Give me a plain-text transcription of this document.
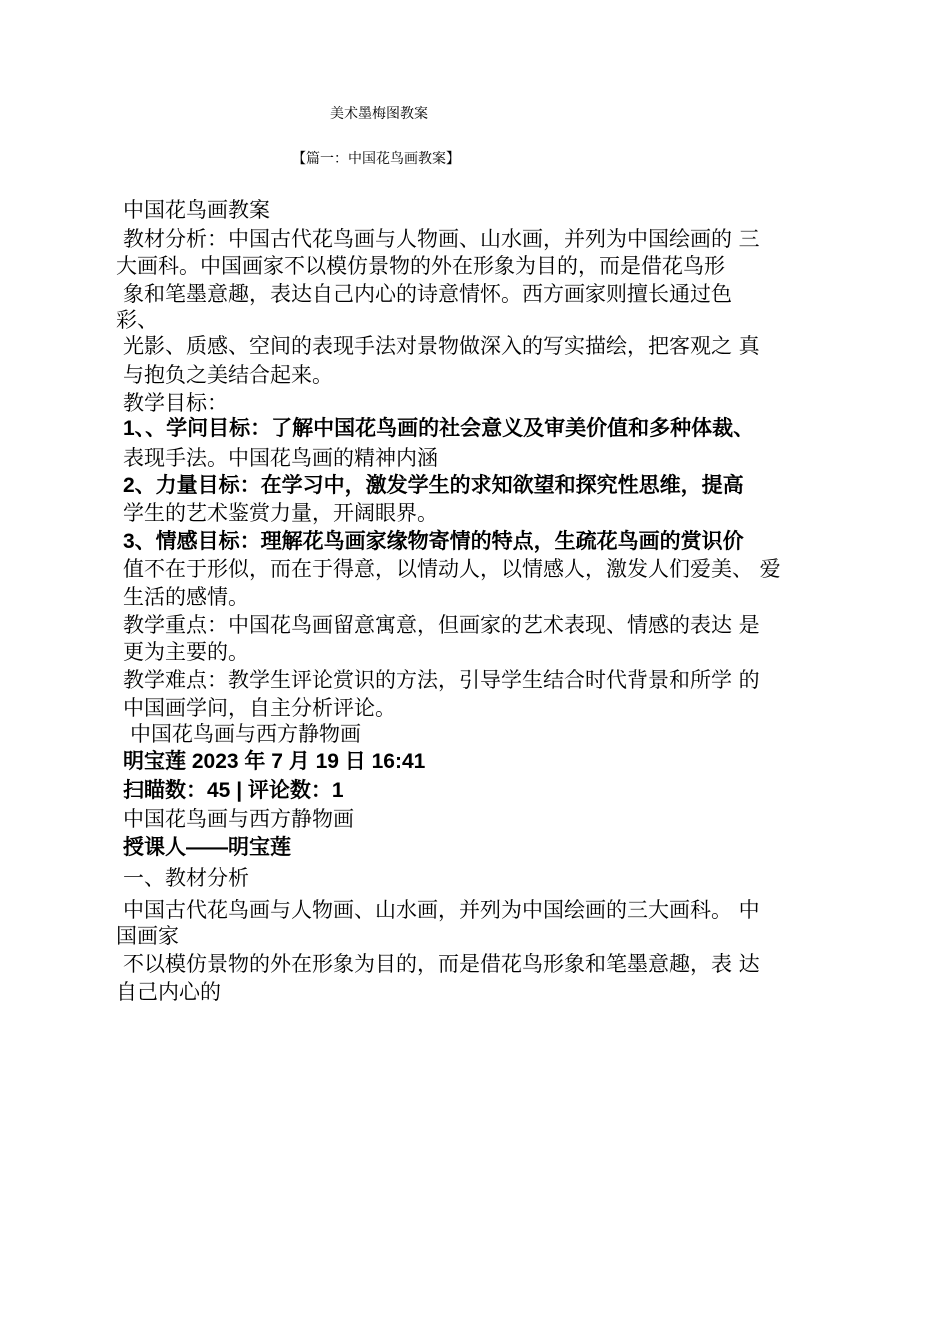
美术墨梅图教案
【篇一：中国花鸟画教案】
中国花鸟画教案
教材分析：中国古代花鸟画与人物画、山水画，并列为中国绘画的 三
大画科。中国画家不以模仿景物的外在形象为目的，而是借花鸟形
象和笔墨意趣，表达自己内心的诗意情怀。西方画家则擅长通过色
彩、
光影、质感、空间的表现手法对景物做深入的写实描绘，把客观之 真
与抱负之美结合起来。
教学目标：
1、、学问目标：了解中国花鸟画的社会意义及审美价值和多种体裁、
表现手法。中国花鸟画的精神内涵
2、力量目标：在学习中，激发学生的求知欲望和探究性思维，提高
学生的艺术鉴赏力量，开阔眼界。
3、情感目标：理解花鸟画家缘物寄情的特点，生疏花鸟画的赏识价
值不在于形似，而在于得意，以情动人，以情感人，激发人们爱美、 爱
生活的感情。
教学重点：中国花鸟画留意寓意，但画家的艺术表现、情感的表达 是
更为主要的。
教学难点：教学生评论赏识的方法，引导学生结合时代背景和所学 的
中国画学问，自主分析评论。
中国花鸟画与西方静物画
明宝莲 2023 年 7 月 19 日 16:41
扫瞄数：45 | 评论数：1
中国花鸟画与西方静物画
授课人——明宝莲
一、教材分析
中国古代花鸟画与人物画、山水画，并列为中国绘画的三大画科。 中
国画家
不以模仿景物的外在形象为目的，而是借花鸟形象和笔墨意趣，表 达
自己内心的
